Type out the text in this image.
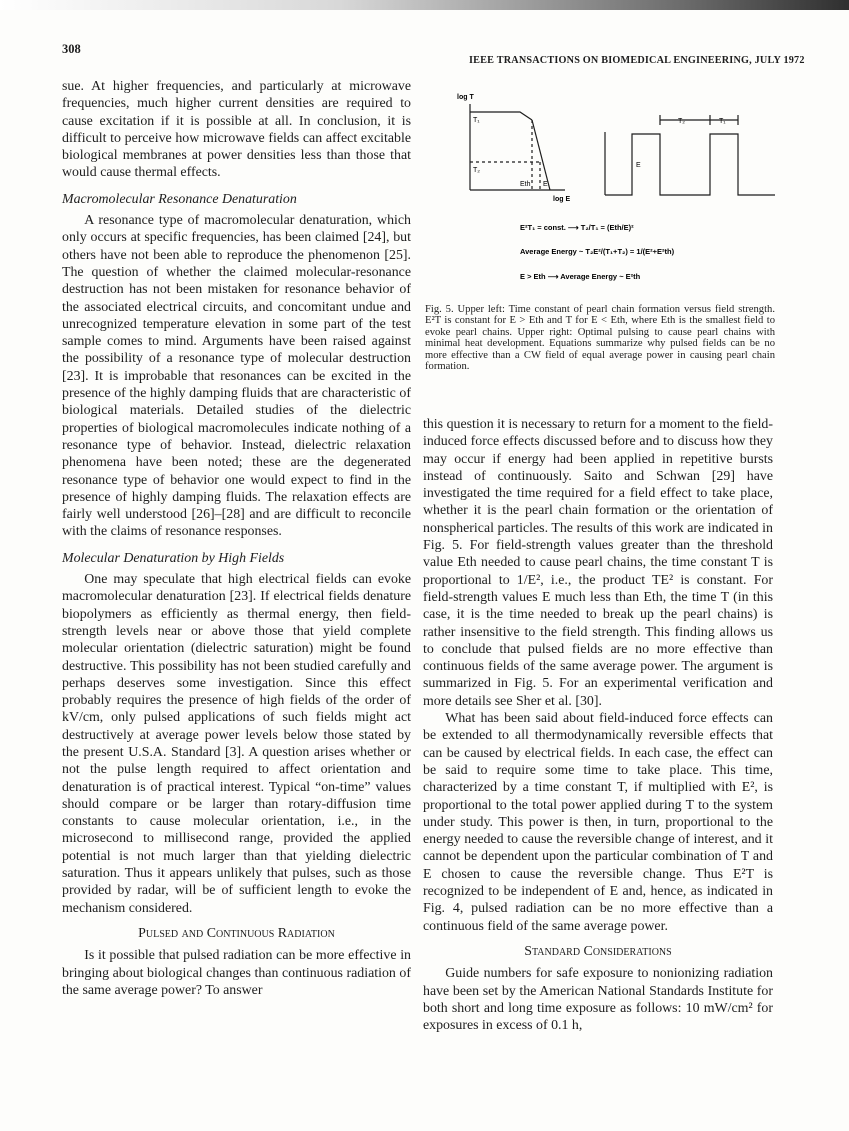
308
IEEE TRANSACTIONS ON BIOMEDICAL ENGINEERING, JULY 1972

sue. At higher frequencies, and particularly at microwave frequencies, much higher current densities are required to cause excitation if it is possible at all. In conclusion, it is difficult to perceive how microwave fields can affect excitable biological membranes at power densities less than those that would cause thermal effects.

Macromolecular Resonance Denaturation

A resonance type of macromolecular denaturation, which only occurs at specific frequencies, has been claimed [24], but others have not been able to reproduce the phenomenon [25]. The question of whether the claimed molecular-resonance destruction has not been mistaken for resonance behavior of the associated electrical circuits, and concomitant undue and unrecognized temperature elevation in some part of the test sample comes to mind. Arguments have been raised against the possibility of a resonance type of molecular destruction [23]. It is improbable that resonances can be excited in the presence of the highly damping fluids that are characteristic of biological materials. Detailed studies of the dielectric properties of biological macromolecules indicate nothing of a resonance type of behavior. Instead, dielectric relaxation phenomena have been noted; these are the degenerated resonance type of behavior one would expect to find in the presence of highly damping fluids. The relaxation effects are fairly well understood [26]–[28] and are difficult to reconcile with the claims of resonance responses.

Molecular Denaturation by High Fields

One may speculate that high electrical fields can evoke macromolecular denaturation [23]. If electrical fields denature biopolymers as efficiently as thermal energy, then field-strength levels near or above those that yield complete molecular orientation (dielectric saturation) might be found destructive. This possibility has not been studied carefully and perhaps deserves some investigation. Since this effect probably requires the presence of high fields of the order of kV/cm, only pulsed applications of such fields might act destructively at average power levels below those stated by the present U.S.A. Standard [3]. A question arises whether or not the pulse length required to affect orientation and denaturation is of practical interest. Typical “on-time” values should compare or be larger than rotary-diffusion time constants to cause molecular orientation, i.e., in the microsecond to millisecond range, provided the applied potential is not much larger than that yielding dielectric saturation. Thus it appears unlikely that pulses, such as those provided by radar, will be of sufficient length to evoke the mechanism considered.

Pulsed and Continuous Radiation

Is it possible that pulsed radiation can be more effective in bringing about biological changes than continuous radiation of the same average power? To answer

log T
log E
T₁
T₂
Eth E
T₂	T₁
E
E²T₁ = const. ⟶ T₂/T₁ = (Eth/E)²
Average Energy ~ T₂E²/(T₁+T₂) = 1/(E²+E²th)
E > Eth ⟶ Average Energy ~ E²th
Fig. 5. Upper left: Time constant of pearl chain formation versus field strength. E²T is constant for E > Eth and T for E < Eth, where Eth is the smallest field to evoke pearl chains. Upper right: Optimal pulsing to cause pearl chains with minimal heat development. Equations summarize why pulsed fields can be no more effective than a CW field of equal average power in causing pearl chain formation.

this question it is necessary to return for a moment to the field-induced force effects discussed before and to discuss how they may occur if energy had been applied in repetitive bursts instead of continuously. Saito and Schwan [29] have investigated the time required for a field effect to take place, whether it is the pearl chain formation or the orientation of nonspherical particles. The results of this work are indicated in Fig. 5. For field-strength values greater than the threshold value Eth needed to cause pearl chains, the time constant T is proportional to 1/E², i.e., the product TE² is constant. For field-strength values E much less than Eth, the time T (in this case, it is the time needed to break up the pearl chains) is rather insensitive to the field strength. This finding allows us to conclude that pulsed fields are no more effective than continuous fields of the same average power. The argument is summarized in Fig. 5. For an experimental verification and more details see Sher et al. [30].

What has been said about field-induced force effects can be extended to all thermodynamically reversible effects that can be caused by electrical fields. In each case, the effect can be said to require some time to take place. This time, characterized by a time constant T, if multiplied with E², is proportional to the total power applied during T to the system under study. This power is then, in turn, proportional to the energy needed to cause the reversible change of interest, and it cannot be dependent upon the particular combination of T and E chosen to cause the reversible change. Thus E²T is recognized to be independent of E and, hence, as indicated in Fig. 4, pulsed radiation can be no more effective than a continuous field of the same average power.

Standard Considerations

Guide numbers for safe exposure to nonionizing radiation have been set by the American National Standards Institute for both short and long time exposure as follows: 10 mW/cm² for exposures in excess of 0.1 h,
